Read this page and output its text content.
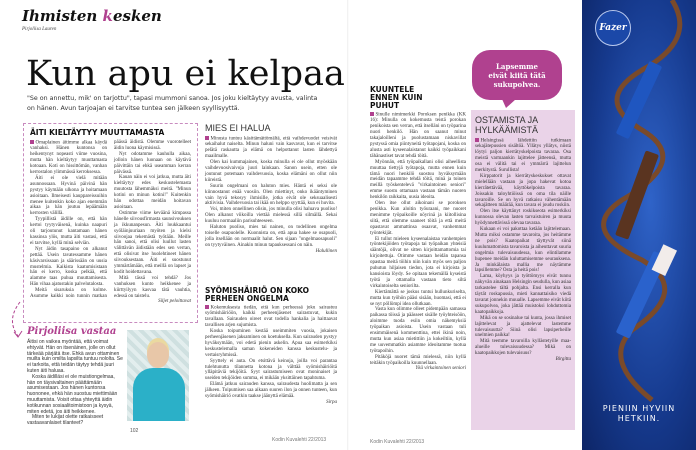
Ihmisten kesken
Pirjoliisa Lauren
Kun apu ei kelpaa
"Se on annettu, mik' on tarjottu", tapasi mummoni sanoa. Jos joku kieltäytyy avusta, valinta on hänen. Avun tarjoajan ei tarvitse tuntea sen jälkeen syyllisyyttä.
ÄITI KIELTÄYTYY MUUTTAMASTA

Omaplainen äitimme alkaa käydä vanhaksi. Hänen kuntonsa on heikentynyt nopeasti viime vuosina, mutta hän kieltäytyy muuttamasta kotoaan. Koti on hissittömän, vanhan kerrostalon ylimmässä kerroksessa.

Äiti ei ole vielä mitään asunnossaan. Hyvinä päivinä hän pystyy käymään ulkona ja hoitamaan asioitaan. Ilmeisesti kauppareissuihin menee kuitenkin koko ajan enemmän aikaa ja hän joutuu lepäämään kerrosten välillä.

Tyypillistä äidille on, että hän kertoi tyytyväisenä, kuinka naapuri oli tarjoutunut kantamaan hänen kassinsa ylös, mutta äiti vastasi, että ei tarvitse, kyllä minä selviän.

Nyt äidin tasapaino on alkanut pettää. Usein tavatessamme hänen käsivarsissaan ja säärissään on uusia mustelmia. Kaikista kaatumisistaan hän ei kerro, koska pelkää, että alamme taas puhua muuttamisesta. Hän vihaa ajatustakin palvelutalosta.

Meitä sisaruksia on kolme. Asumme kaikki noin tunnin matkan päässä äidistä. Olemme vuorotelleet äidin luona käymisissä.

Nyt odotamme kauhulla aikaa, jolloin hänen luonaan on käytävä päivittäin tai ehkä useamman kerran päivässä.

Kauan näin ei voi jatkua, mutta äiti kieltäytyy edes keskustelemasta muutosta lähemmäksi meitä. "Minun kotini on minun kotini!" Kuitenkin hän odottaa meidän hoitavan asioitaan.

Ostimme viime keväänä kimpassa hänelle siivousfirmasta saunsivouksen ja ikkunanpesun. Äiti loukkaantui syöläinjuuriaan myöten ja kielsi siivoojaa tekemästä työtään. Meille hän sanoi, että olisi luullut lasten välittävän äidistään edes sen verran, että olisivat itse huolehtineet hänen siivouksestaan. Äiti ei suostunut ymmärtämään, että meillä on lapset ja kodit hoidettavana.

Mitä tässä voi tehdä? Jos vanhuksen kunto heikkenee ja kiirttyilyyn kasvaa tätä vauhtia, edessä on taistelu.

Siljet peloittavat
Pirjoliisa vastaa

Äitisi on vaikea myöntää, että voimat ehtyvät. Hän on itsenäinen, jolle on ollut tärkeää pärjätä itse. Ehkä avun ottaminen muilta kuin omilta lapsilta tuntuu nololta. Se ei tarkoita, että teidän täytyy tehdä juuri kuten äiti haluaa.

Koska äidilläsi ei ole muistiongelmaa, hän on täysivaltainen päättämään asumisestaan. Jos hänen kuntonsa huononee, ehkä hän suostuu miettimään muuttamista. Voisit ottaa yhteyttä äidin kotikunnan sosiaalitoimistoon ja kysyä, miten edetä, jos äiti heikkenee.

Miten te lukijat olette ratkaisseet vastaavanlaiset tilanteet?

102
MIES EI HALUA

Minusta tuntuu käsittämättömältä, että vaihdevuodet veisivät sekaihalut naiselta. Minun haluni vain kasvavat, kun ei tarvitse pelätä raskautta ja elämä on helpottanut lasten lähdettyä maailmalle.

Olen kai kummajainen, koska minulla ei ole ollut myöskään vaihdevuosivaivoja juuri lainkaan. Sanon usein, etten ole joutunut potemaan vaihdevuosia, koska elämäni on ollut niin kiireistä.

Suurin ongelmani on haluton mies. Häntä ei seksi ole kiinnostanut enää vuosiin. Olen miettinyt, onko ikääntyminen vain hyvä tekosyy ihmisille, jotka eivät ole seksuaalisesti aktiivisia. Vaihdevuosia tai ikää on helppo syyttää, kun ei huvita.

Voi, miten onnellinen olisin, jos minulla olisi haluava puoliso! Olen alkanut viikoilla viettää mielessä sillä silmällä. Sekai kuuluu normaaliin parisuhteeseen.

Haluton puoliso, mies tai nainen, on todellinen ongelma toiselle osapuolelle. Kuonnista on, että apua hakee se osapuoli, jolla itsellään on normaalit halut. Sen sijaan "ongelmaosapuoli" on tyytyväinen. Ainakin minun tapauksessani on näin.

Halullinen
SYÖMISHÄIRIÖ ON KOKO PERHEEN ONGELMA

Kokemuksesta tiedän, että kun perheessä joku sairastuu syömishäiriöön, kaikki perheenjäsenet sairastuvat, kukin tavallaan. Sairauden oireet ovat todella hankalia ja haittaavat tavallisen arjen sujumista.

Koska toipuminen kestää useimmiten vuosia, jokaisen perheenjäsenen jaksaminen on koetuksella. Kun sairauden pystyy hyväksymään, voi edetä pienin askelin. Apua saa esimerkiksi keskustelemalla saman kokeneiden kanssa keskustelu- ja vertaisryhmissä.

Syyttely ei auta. On etsittävä keinoja, joilla voi parantaa tulehtunutta tilannetta kotona ja välttää syömishäiriöitä ylläpitäviä tekijöitä. Syyt sairastumiseen ovat moninaiset ja useiden tekijöiden summa, ei mikään yksittäinen tapahtuma.

Elämä jatkuu sairauden kanssa, sairaudesta huolimatta ja sen jälkeen. Toipumisen saa aikaan suuren ilon ja onnen tunteen, kun syömishäiriö ovatkin taakse jäänyttä elämää.

Sirpa
Kodin Kuvalehti 22/2013
KUUNTELE ENNEN KUIN PUHUT

Sinulle nimimerkki Poroksen penikka (KK 16): Minulla on kokemusta teistä porokan penikoista sen verran, että itselläni on työparina nuori henkilö. Hän on saanut minut takajaloilleni ja puolustamaan niskavillat pystyssä omia piintyneitä työtapojani, koska on alusta asti kyseenalaistanut kaikki työpaikkani tähänastiset tavat tehdä töitä.

Myönnän, että työpaikallani olisi aiheellista muuttaa tiettyjä työtapoja, mutta ennen kuin tämä nuori henkilö suostuu hyväksymään meidän tapaamme tehdä töitä, minä ja toinen meillä työskentelevä "virkaintoinen seniori" emme suostu ottamaan vastaan tämän nuoren henkilön raikkaita, uusia ideoita.

Olen itse ollut aikoinani se poroksen penikka. Kun aloitin työuraani, me nuoret menimme työpaikoille nöyrinä ja kiitollisina siitä, että olemme saaneet töitä ja että meitä opastavat ammattinsa osaavat, vanhemmat työntekijät.

Ei tullut mieleen kyseenalaistaa vanhempien työntekijöiden työtapoja tai työpaikan yhteisiä sääntöjä, olivat ne sitten kirjoittamattomia tai kirjoitettuja. Otimme vastaan heidän tapansa opastaa meitä töihin niin kuin myös sen paljon puhutun hiljaisen tiedon, jota ei kirjoista ja kansioista löydy. Se opitaan tekemällä kyseistä työtä ja ottamalla vastaan tieto siltä virkaintoiselta seniorilta.

Kiertämättä se joskus tuntui hullunkuriselta, mutta kun työhön pääsi sisään, huomasi, että ei se nyt pöllömpi idea ollutkaan.

Vasta kun olimme olleet pidempään samassa paikassa töissä ja päässeet sisälle työyhteisöön, aloimme tuoda esiin omia näkemyksiä työpaikan asioista. Usein vastaan tuli ensimmäisenä kommenttina, ettei ikinä noin, mutta kun asiaa mietittiin ja kokeiltiin, kyllä me uuvemmatkin asiamme ideoitamme tuotua työtapoihin.

Pitäköjä nuoret tämä mielessä, niin kyllä teitäkin työpaikoilla kuunnellaan.

Ykä virkaintoinen seniori
Kodin Kuvalehti 22/2013
Lapsemme eivät kiitä tätä sukupolvea.
OSTAMISTA JA HYLKÄÄMISTÄ

Helsingissä lähdettiin tutkimaan sekajätepussien sisältöä. Yllätys yllätys, niistä löytyi paljon kierrätyskelpoista tavaraa. Osa meistä varmaankin lajittelee jätteensä, mutta osa ei välitä tai ei ymmärrä lajittelun merkitystä. Surullista!

Kirppatorit ja kierrätyskeskukset ottavat mielellään vastaan ja jopa hakevat kotoa kierrätettävää, käyttökelpoista tavaraa. Joissakin taloyhtiöissä on oma tila näille tavaroille. Se on hyvä ratkaisu vähentämään sekajätteen määrää, kun tavara ei joudu roskiin.

Olen itse käyttänyt roskikseota esimerkiksi kunnossa olevan lasten tarvaistuiren ja muuta hyödynnettävissä olevaa tavaraa.

Kukaan ei voi pakottaa ketään lajittelemaan. Mutta miksi ostamme tavaroita, jos heitämme ne pois? Kaatopaikat täyttyvät siinä kuulumattomista tavaroista ja aiheuttavat suuria ongelmia tulevaisuudessa, kun elintilamme hupenee meidän kuluttamisemme seurauksena. Ja minkälaista mallia me näytämme lapsillemme? Osta ja heitä pois!

Lama, köyhyys ja työttömyys eivät tunnu näkyvän ainakaan Helsingin seudulla, kun asiaa tarkastelee tältä pohjalta. Ensi kerralla kun täytät roskapussia, mieti kannattaisiko viedä tavarat jonnekin muualle. Lapsemme eivät kiitä sukupolvea, joka jättää muistoksi lohduttomia kaatopaikkoja.

Mikä on se sosinalue tai kunta, jossa ihmiset lajittelevat ja ajattelevat lastemme tulevaisuutta? Siinä olisi lapsiperheille unelmien paikka!

Mitä teemme tavaroilla kyllästetyille maa-alueille tulevaisuudessa? Mikä on kaatopaikkojen tulevaisuus?

Birgitta
Fazer
PIENIIN HYVIIN
HETKIIN.
